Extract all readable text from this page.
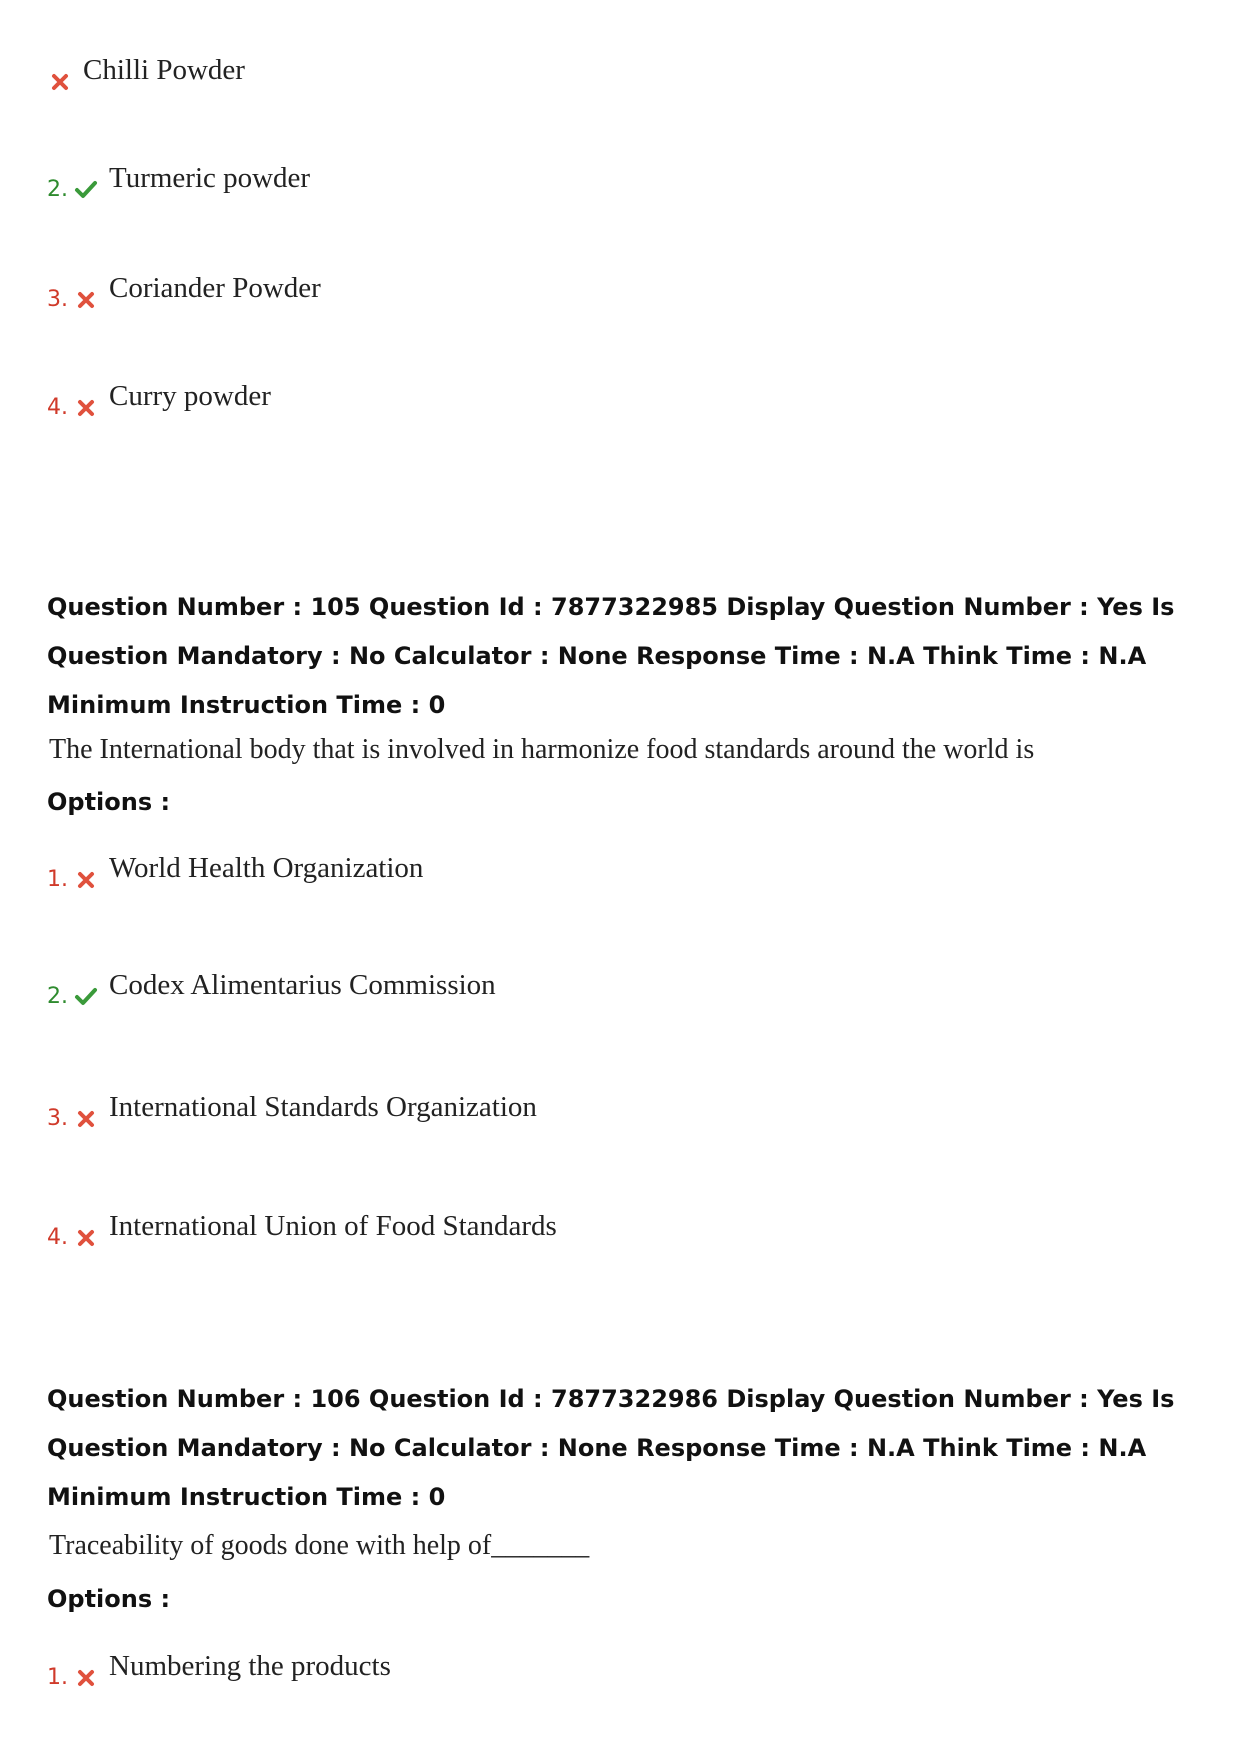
Chilli Powder
2. Turmeric powder
3. Coriander Powder
4. Curry powder
Question Number : 105 Question Id : 7877322985 Display Question Number : Yes Is Question Mandatory : No Calculator : None Response Time : N.A Think Time : N.A Minimum Instruction Time : 0
The International body that is involved in harmonize food standards around the world is
Options :
1. World Health Organization
2. Codex Alimentarius Commission
3. International Standards Organization
4. International Union of Food Standards
Question Number : 106 Question Id : 7877322986 Display Question Number : Yes Is Question Mandatory : No Calculator : None Response Time : N.A Think Time : N.A Minimum Instruction Time : 0
Traceability of goods done with help of_______
Options :
1. Numbering the products
